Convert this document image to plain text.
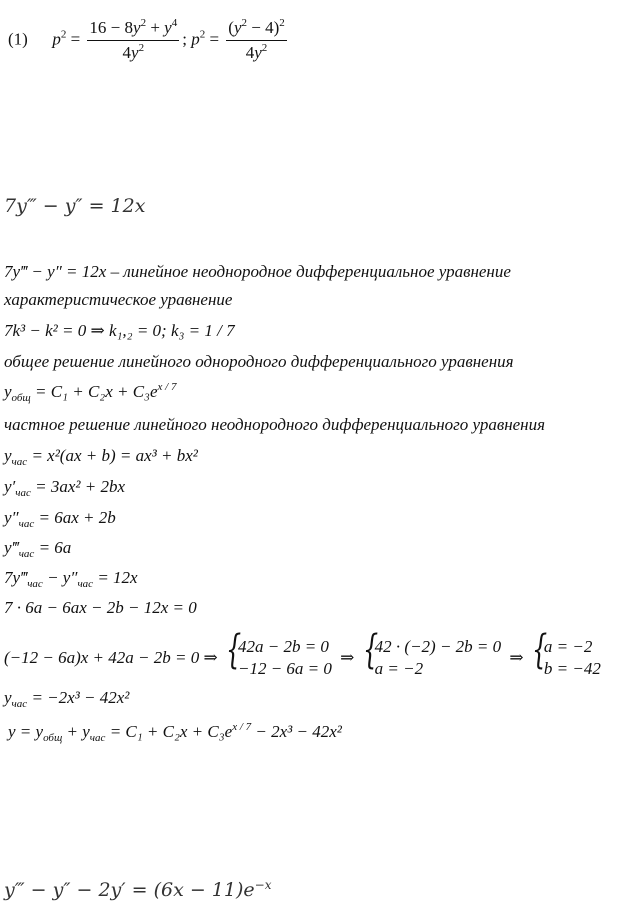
(1) $p^2 = \frac{16 - 8y^2 + y^4}{4y^2}$ ; $p^2 = \frac{(y^2 - 4)^2}{4y^2}$
7y‴ − y″ = 12x
7y‴ − y″ = 12x – линейное неоднородное дифференциальное уравнение
характеристическое уравнение
7k³ − k² = 0 ⇒ k₁,₂ = 0; k₃ = 1 / 7
общее решение линейного однородного дифференциального уравнения
$y_{общ} = C_1 + C_2x + C_3e^{x / 7}$
частное решение линейного неоднородного дифференциального уравнения
$y_{час} = x^2(ax + b) = ax^3 + bx^2$
$y'_{час} = 3ax^2 + 2bx$
$y''_{час} = 6ax + 2b$
$y‴_{час} = 6a$
$7y‴_{час} - y''_{час} = 12x$
7 · 6a − 6ax − 2b − 12x = 0
(−12 − 6a)x + 42a − 2b = 0 ⇒ {
42a − 2b = 0
−12 − 6a = 0
⇒ {
42 · (−2) − 2b = 0
a = −2
⇒ {
a = −2
b = −42
$y_{час} = -2x^3 - 42x^2$
$y = y_{общ} + y_{час} = C_1 + C_2x + C_3e^{x / 7} - 2x^3 - 42x^2$
y‴ − $y'' - 2y' = (6x - 11)e^{-x}$
